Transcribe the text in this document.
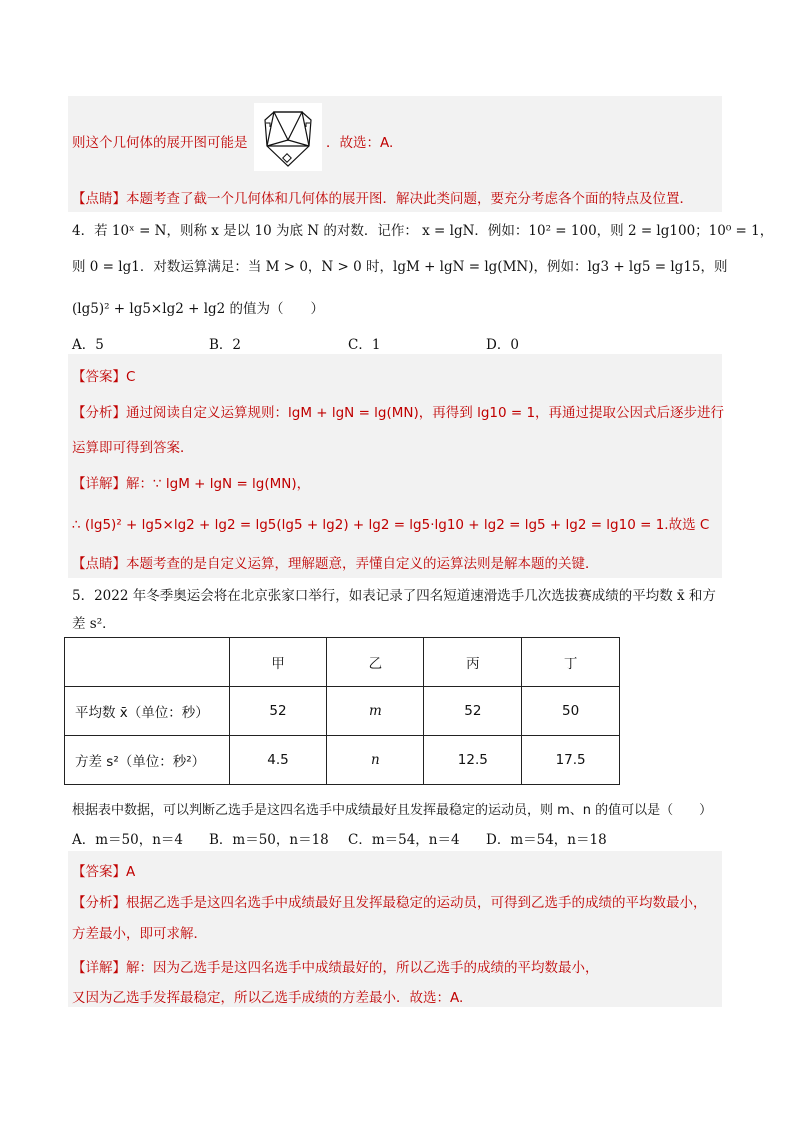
则这个几何体的展开图可能是	．故选：A.
【点睛】本题考查了截一个几何体和几何体的展开图．解决此类问题，要充分考虑各个面的特点及位置．
4．若 10ˣ = N，则称 x 是以 10 为底 N 的对数．记作： x = lgN．例如：10² = 100，则 2 = lg100；10⁰ = 1，
则 0 = lg1．对数运算满足：当 M > 0，N > 0 时，lgM + lgN = lg(MN)，例如：lg3 + lg5 = lg15，则
(lg5)² + lg5×lg2 + lg2 的值为（　　）
A．5	B．2	C．1	D．0
【答案】C
【分析】通过阅读自定义运算规则：lgM + lgN = lg(MN)，再得到 lg10 = 1，再通过提取公因式后逐步进行
运算即可得到答案．
【详解】解：∵ lgM + lgN = lg(MN)，
∴ (lg5)² + lg5×lg2 + lg2 = lg5(lg5 + lg2) + lg2 = lg5·lg10 + lg2 = lg5 + lg2 = lg10 = 1.故选 C
【点睛】本题考查的是自定义运算，理解题意，弄懂自定义的运算法则是解本题的关键．
5．2022 年冬季奥运会将在北京张家口举行，如表记录了四名短道速滑选手几次选拔赛成绩的平均数 x̄ 和方
差 s²．
	甲	乙	丙	丁
平均数 x̄（单位：秒）	52	m	52	50
方差 s²（单位：秒²）	4.5	n	12.5	17.5
根据表中数据，可以判断乙选手是这四名选手中成绩最好且发挥最稳定的运动员，则 m、n 的值可以是（　　）
A．m＝50，n＝4 B．m＝50，n＝18 C．m＝54，n＝4 D．m＝54，n＝18
【答案】A
【分析】根据乙选手是这四名选手中成绩最好且发挥最稳定的运动员，可得到乙选手的成绩的平均数最小，
方差最小，即可求解．
【详解】解：因为乙选手是这四名选手中成绩最好的，所以乙选手的成绩的平均数最小，
又因为乙选手发挥最稳定，所以乙选手成绩的方差最小．故选：A.
